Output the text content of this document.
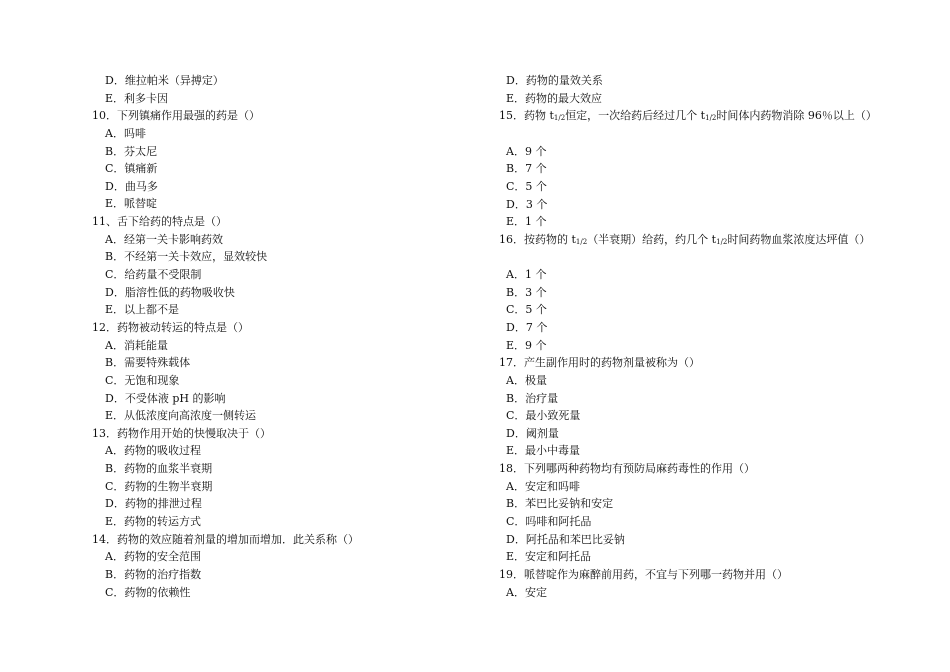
D．维拉帕米（异搏定）
E．利多卡因
10．下列镇痛作用最强的药是（）
A．吗啡
B．芬太尼
C．镇痛新
D．曲马多
E．哌替啶
11、舌下给药的特点是（）
A．经第一关卡影响药效
B．不经第一关卡效应，显效较快
C．给药量不受限制
D．脂溶性低的药物吸收快
E．以上都不是
12．药物被动转运的特点是（）
A．消耗能量
B．需要特殊载体
C．无饱和现象
D．不受体液 pH 的影响
E．从低浓度向高浓度一侧转运
13．药物作用开始的快慢取决于（）
A．药物的吸收过程
B．药物的血浆半衰期
C．药物的生物半衰期
D．药物的排泄过程
E．药物的转运方式
14．药物的效应随着剂量的增加而增加．此关系称（）
A．药物的安全范围
B．药物的治疗指数
C．药物的依赖性
D．药物的量效关系
E．药物的最大效应
15．药物 t1/2恒定，一次给药后经过几个 t1/2时间体内药物消除 96％以上（）
A．9 个
B．7 个
C．5 个
D．3 个
E．1 个
16．按药物的 t1/2（半衰期）给药，约几个 t1/2时间药物血浆浓度达坪值（）
A．1 个
B．3 个
C．5 个
D．7 个
E．9 个
17．产生副作用时的药物剂量被称为（）
A．极量
B．治疗量
C．最小致死量
D．阈剂量
E．最小中毒量
18．下列哪两种药物均有预防局麻药毒性的作用（）
A．安定和吗啡
B．苯巴比妥钠和安定
C．吗啡和阿托品
D．阿托品和苯巴比妥钠
E．安定和阿托品
19．哌替啶作为麻醉前用药，不宜与下列哪一药物并用（）
A．安定
